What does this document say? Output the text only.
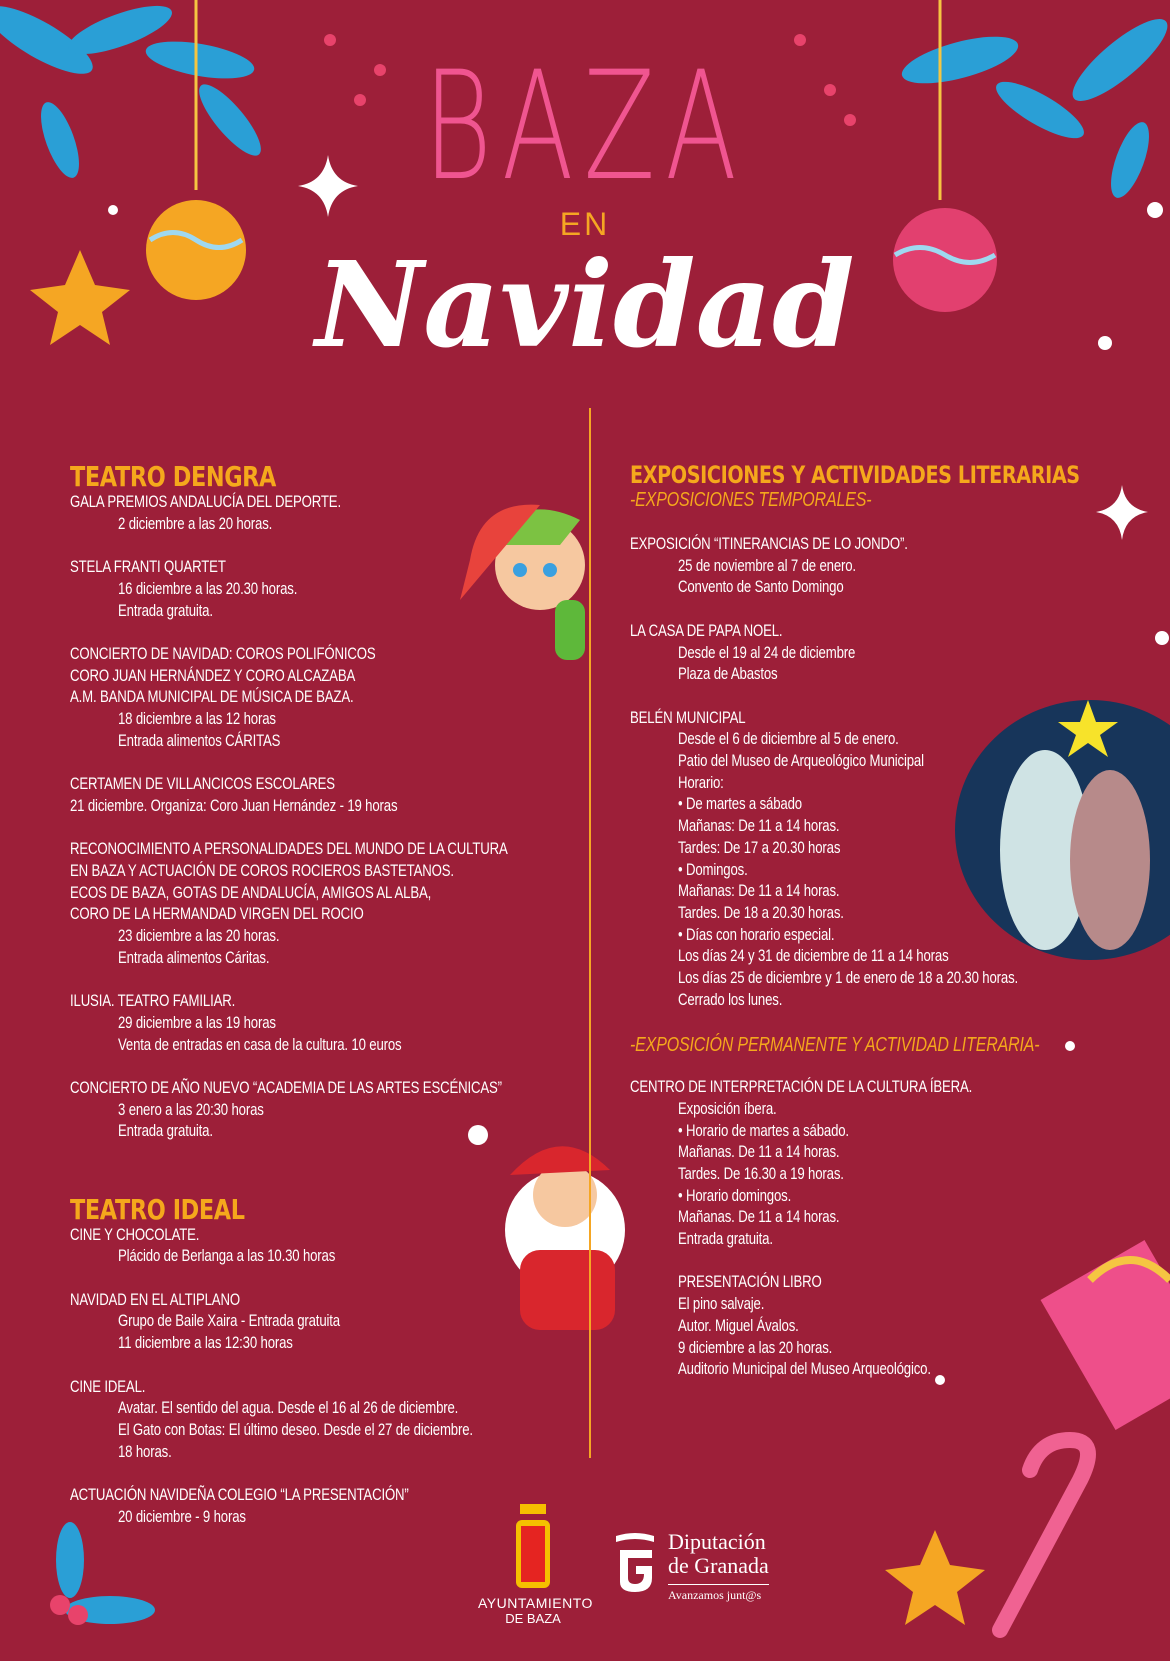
BAZA
EN
Navidad
TEATRO DENGRA
GALA PREMIOS ANDALUCÍA DEL DEPORTE.
2 diciembre a las 20 horas.
STELA FRANTI QUARTET
16 diciembre a las 20.30 horas.
Entrada gratuita.
CONCIERTO DE NAVIDAD: COROS POLIFÓNICOS
CORO JUAN HERNÁNDEZ Y CORO ALCAZABA
A.M. BANDA MUNICIPAL DE MÚSICA DE BAZA.
18 diciembre a las 12 horas
Entrada alimentos CÁRITAS
CERTAMEN DE VILLANCICOS ESCOLARES
21 diciembre. Organiza: Coro Juan Hernández - 19 horas
RECONOCIMIENTO A PERSONALIDADES DEL MUNDO DE LA CULTURA
EN BAZA Y ACTUACIÓN DE COROS ROCIEROS BASTETANOS.
ECOS DE BAZA, GOTAS DE ANDALUCÍA, AMIGOS AL ALBA,
CORO DE LA HERMANDAD VIRGEN DEL ROCIO
23 diciembre a las 20 horas.
Entrada alimentos Cáritas.
ILUSIA. TEATRO FAMILIAR.
29 diciembre a las 19 horas
Venta de entradas en casa de la cultura. 10 euros
CONCIERTO DE AÑO NUEVO “ACADEMIA DE LAS ARTES ESCÉNICAS”
3 enero a las 20:30 horas
Entrada gratuita.
TEATRO IDEAL
CINE Y CHOCOLATE.
Plácido de Berlanga a las 10.30 horas
NAVIDAD EN EL ALTIPLANO
Grupo de Baile Xaira - Entrada gratuita
11 diciembre a las 12:30 horas
CINE IDEAL.
Avatar. El sentido del agua. Desde el 16 al 26 de diciembre.
El Gato con Botas: El último deseo. Desde el 27 de diciembre.
18 horas.
ACTUACIÓN NAVIDEÑA COLEGIO “LA PRESENTACIÓN”
20 diciembre - 9 horas
EXPOSICIONES Y ACTIVIDADES LITERARIAS
-EXPOSICIONES TEMPORALES-
EXPOSICIÓN “ITINERANCIAS DE LO JONDO”.
25 de noviembre al 7 de enero.
Convento de Santo Domingo
LA CASA DE PAPA NOEL.
Desde el 19 al 24 de diciembre
Plaza de Abastos
BELÉN MUNICIPAL
Desde el 6 de diciembre al 5 de enero.
Patio del Museo de Arqueológico Municipal
Horario:
• De martes a sábado
Mañanas: De 11 a 14 horas.
Tardes: De 17 a 20.30 horas
• Domingos.
Mañanas: De 11 a 14 horas.
Tardes. De 18 a 20.30 horas.
• Días con horario especial.
Los días 24 y 31 de diciembre de 11 a 14 horas
Los días 25 de diciembre y 1 de enero de 18 a 20.30 horas.
Cerrado los lunes.
-EXPOSICIÓN PERMANENTE Y ACTIVIDAD LITERARIA-
CENTRO DE INTERPRETACIÓN DE LA CULTURA ÍBERA.
Exposición íbera.
• Horario de martes a sábado.
Mañanas. De 11 a 14 horas.
Tardes. De 16.30 a 19 horas.
• Horario domingos.
Mañanas. De 11 a 14 horas.
Entrada gratuita.
PRESENTACIÓN LIBRO
El pino salvaje.
Autor. Miguel Ávalos.
9 diciembre a las 20 horas.
Auditorio Municipal del Museo Arqueológico.
AYUNTAMIENTO
DE BAZA
Diputación
de Granada
Avanzamos junt@s
